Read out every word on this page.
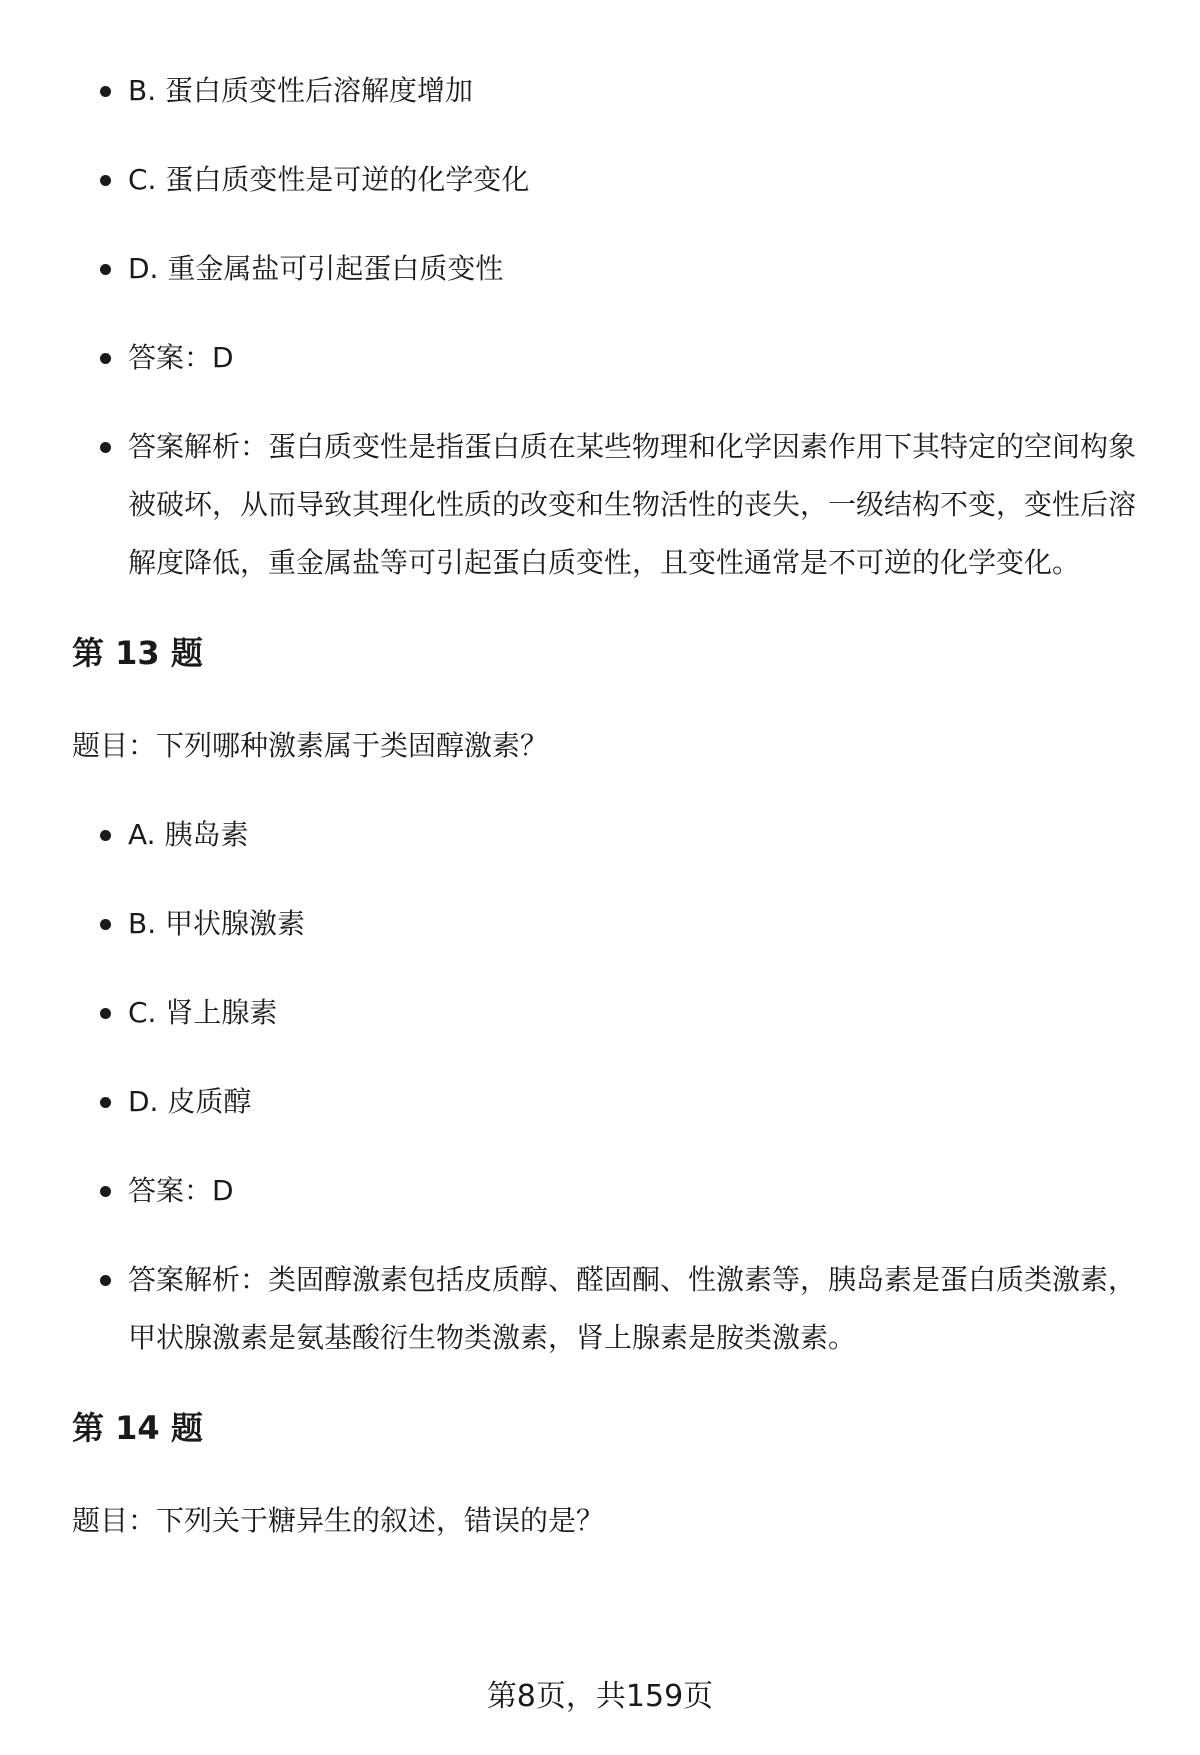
B. 蛋白质变性后溶解度增加
C. 蛋白质变性是可逆的化学变化
D. 重金属盐可引起蛋白质变性
答案：D
答案解析：蛋白质变性是指蛋白质在某些物理和化学因素作用下其特定的空间构象被破坏，从而导致其理化性质的改变和生物活性的丧失，一级结构不变，变性后溶解度降低，重金属盐等可引起蛋白质变性，且变性通常是不可逆的化学变化。
第 13 题

题目：下列哪种激素属于类固醇激素？

A. 胰岛素
B. 甲状腺激素
C. 肾上腺素
D. 皮质醇
答案：D
答案解析：类固醇激素包括皮质醇、醛固酮、性激素等，胰岛素是蛋白质类激素，甲状腺激素是氨基酸衍生物类激素，肾上腺素是胺类激素。
第 14 题

题目：下列关于糖异生的叙述，错误的是？

第8页，共159页
